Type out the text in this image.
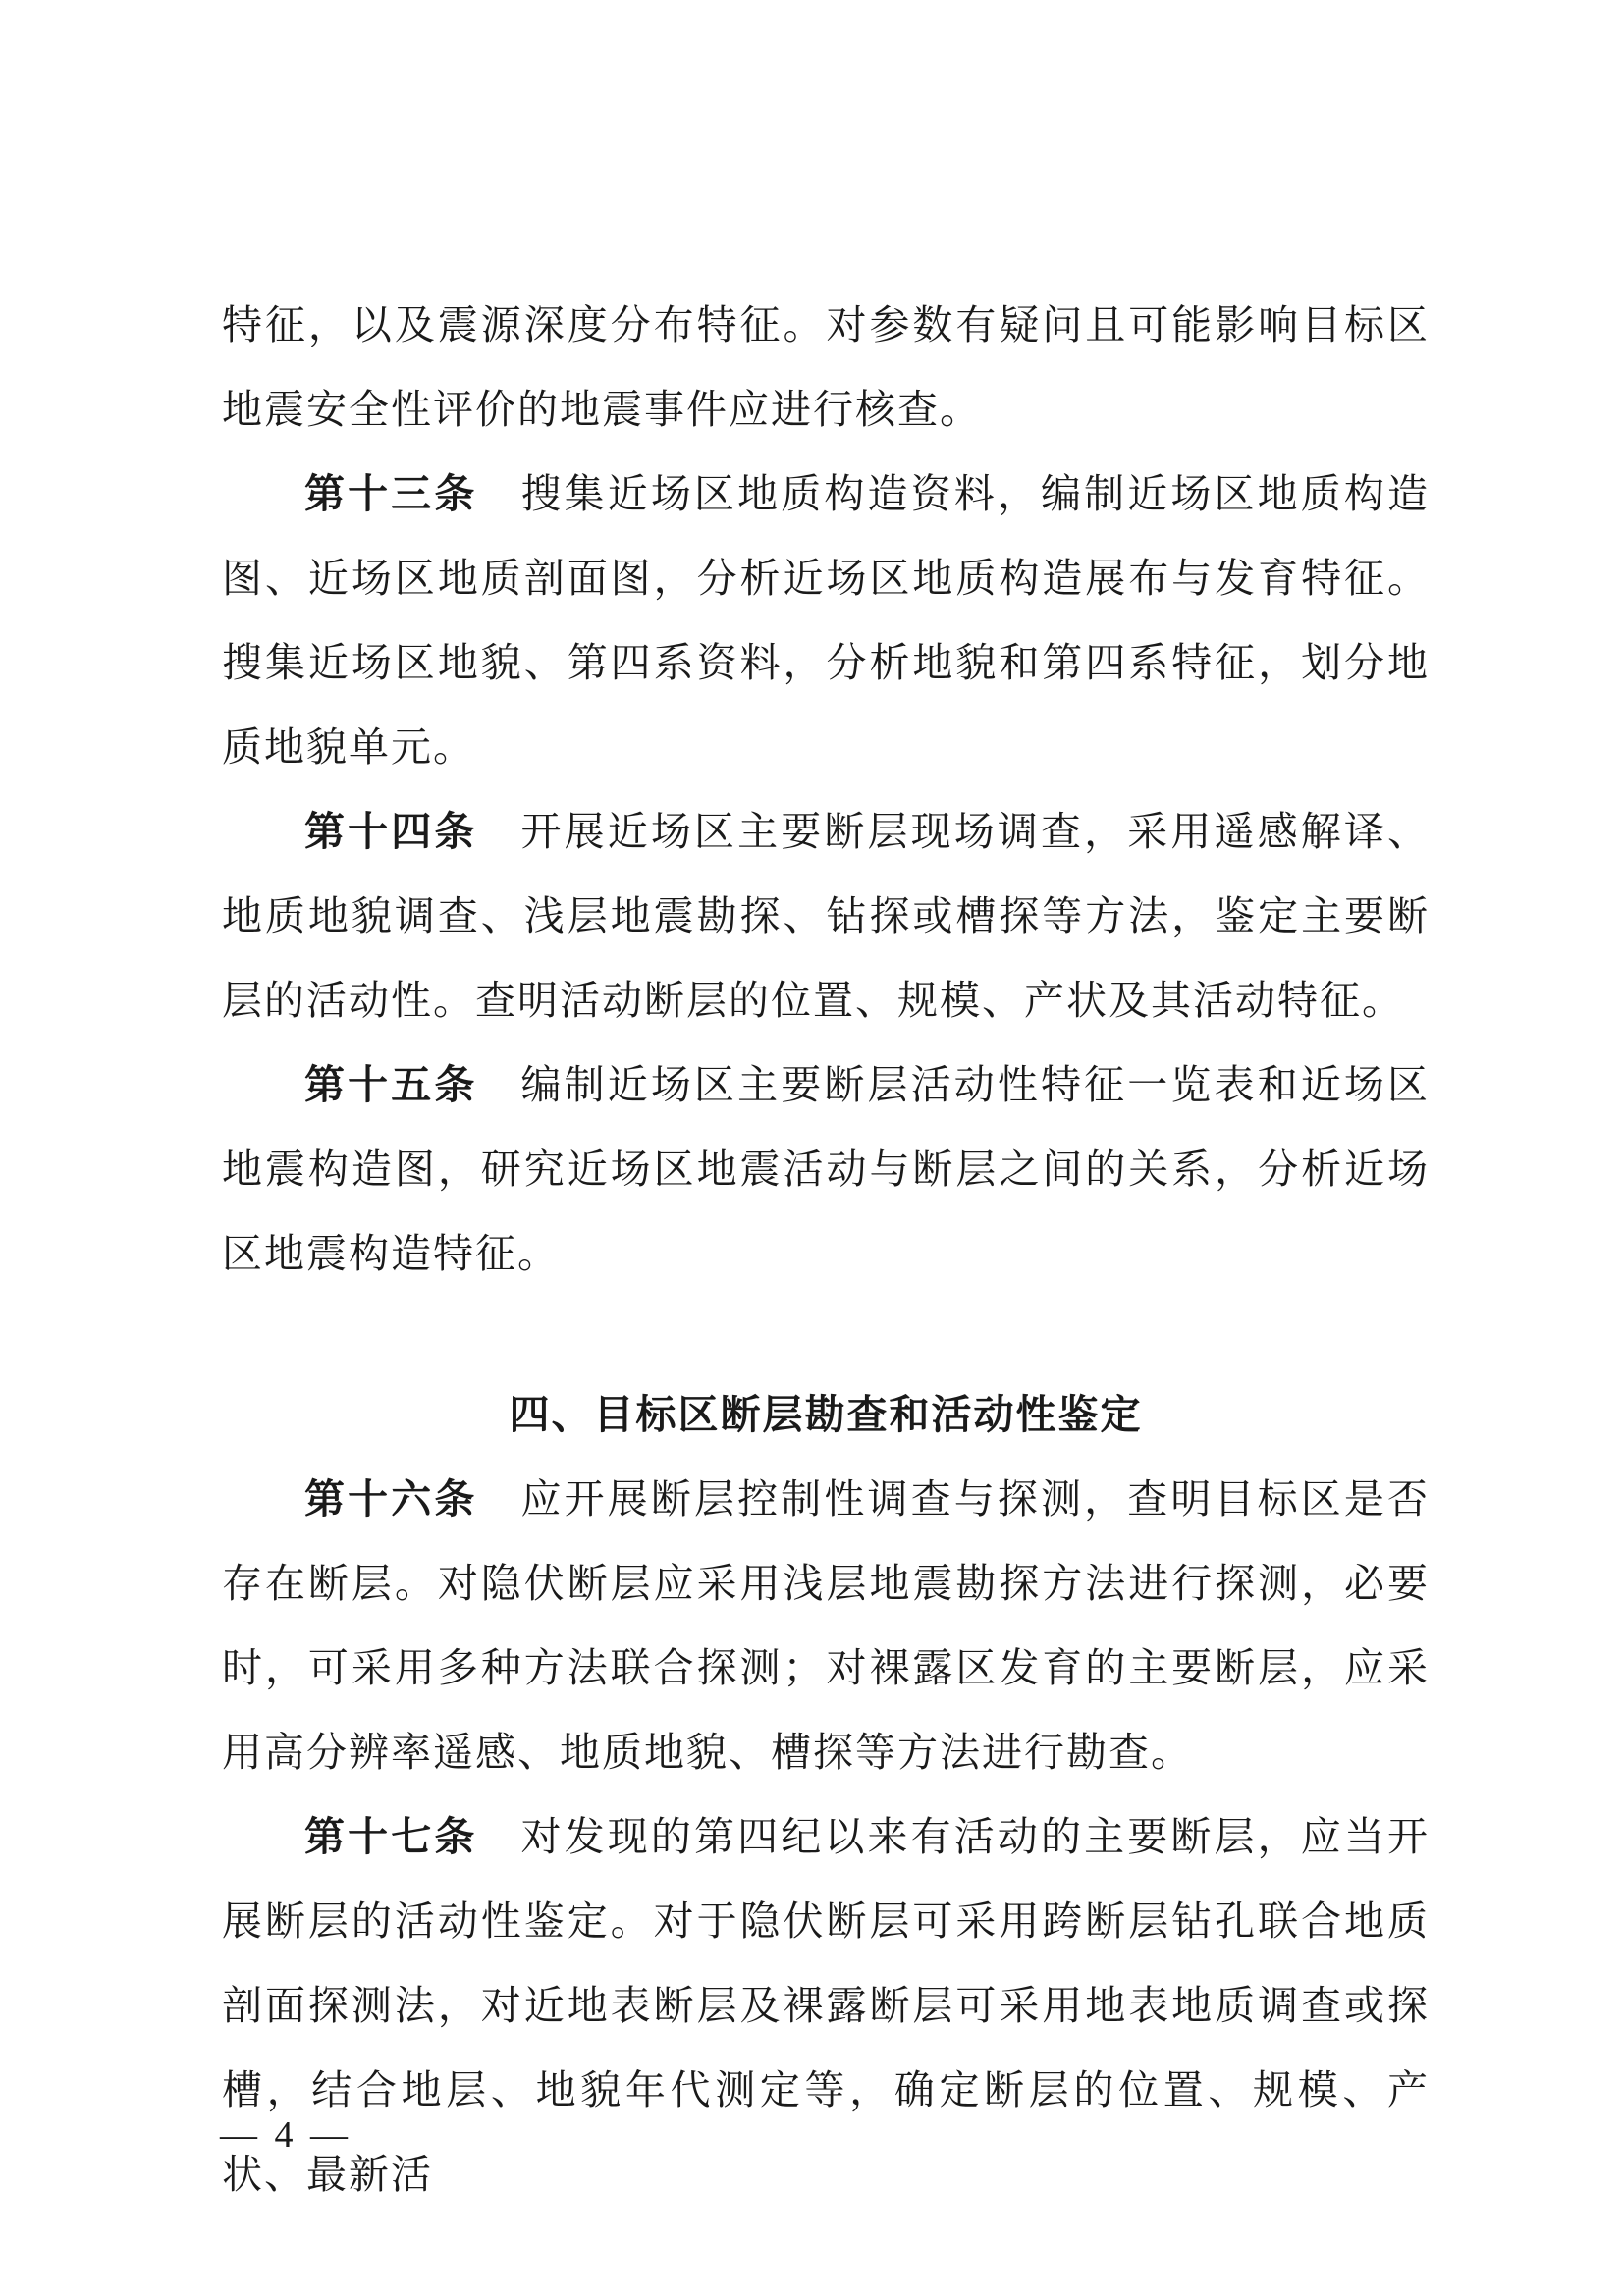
特征，以及震源深度分布特征。对参数有疑问且可能影响目标区地震安全性评价的地震事件应进行核查。

第十三条 搜集近场区地质构造资料，编制近场区地质构造图、近场区地质剖面图，分析近场区地质构造展布与发育特征。搜集近场区地貌、第四系资料，分析地貌和第四系特征，划分地质地貌单元。

第十四条 开展近场区主要断层现场调查，采用遥感解译、地质地貌调查、浅层地震勘探、钻探或槽探等方法，鉴定主要断层的活动性。查明活动断层的位置、规模、产状及其活动特征。

第十五条 编制近场区主要断层活动性特征一览表和近场区地震构造图，研究近场区地震活动与断层之间的关系，分析近场区地震构造特征。

四、目标区断层勘查和活动性鉴定

第十六条 应开展断层控制性调查与探测，查明目标区是否存在断层。对隐伏断层应采用浅层地震勘探方法进行探测，必要时，可采用多种方法联合探测；对裸露区发育的主要断层，应采用高分辨率遥感、地质地貌、槽探等方法进行勘查。

第十七条 对发现的第四纪以来有活动的主要断层，应当开展断层的活动性鉴定。对于隐伏断层可采用跨断层钻孔联合地质剖面探测法，对近地表断层及裸露断层可采用地表地质调查或探槽，结合地层、地貌年代测定等，确定断层的位置、规模、产状、最新活

— 4 —
